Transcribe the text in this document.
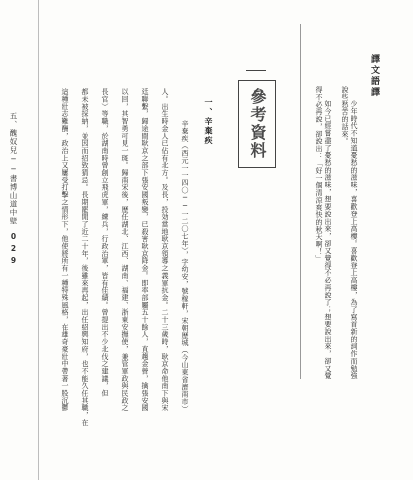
五、醜奴兒──書博山道中壁
029
譯文語譯
少年時代不知道憂愁的滋味，喜歡登上高樓。喜歡登上高樓，為了寫首新的詞作而勉強說些愁苦的話來。
如今已經嘗盡了憂愁的滋味，想要說出來，卻又覺得不必再說了；想要說出來，卻又覺得不必再說，卻說出：「好一個清涼爽快的秋天啊！」
參考資料
一、辛棄疾
辛棄疾（西元一一四〇──一二〇七年），字幼安，號稼軒，宋朝歷城（今山東省濟南市）
人。出生時金人已佔有北方。及長，投効當地耿京領導之義軍抗金。二十三歲時，耿京命他南下與宋
廷聯繫，歸途間耿京之部下張安國叛變，已殺害耿京降金。即率部屬五十餘人，直趨金營，擒張安國
以回，其智勇可見一斑。歸南宋後，歷任湖北、江西、湖南、福建、浙東安撫使，兼管軍政與民政之
長官）等職，於湖南時曾創立飛虎軍，練兵，行政治軍，皆有佳績。曾提出不少北伐之建議，但
都未被採納，並因而招致猜忌。長期罷閒了近二十年，後雖來再起，出任紹興知府，也不能久任其職，在
這種壯志難酬，政治上又屢受打擊之情形下，他使將所有一種特殊風格，在雄奇豪壯中帶著一股沉鬱
